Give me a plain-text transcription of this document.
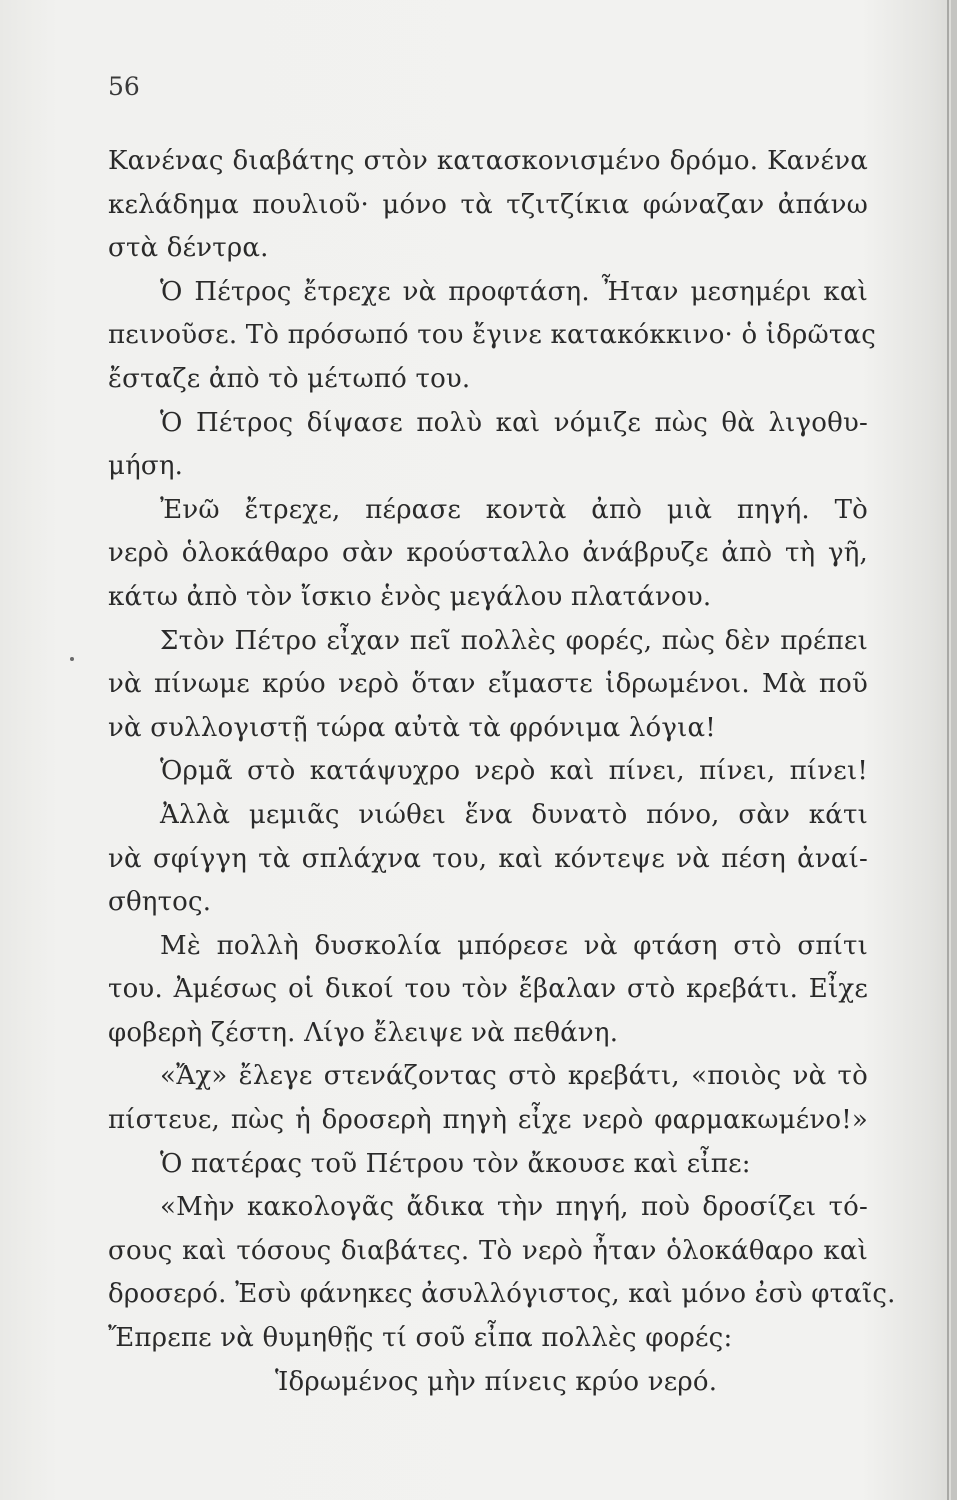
56
Κανένας διαβάτης στὸν κατασκονισμένο δρόμο. Κανένα
κελάδημα πουλιοῦ· μόνο τὰ τζιτζίκια φώναζαν ἀπάνω
στὰ δέντρα.
Ὁ Πέτρος ἔτρεχε νὰ προφτάση. Ἦταν μεσημέρι καὶ
πεινοῦσε. Τὸ πρόσωπό του ἔγινε κατακόκκινο· ὁ ἱδρῶτας
ἔσταζε ἀπὸ τὸ μέτωπό του.
Ὁ Πέτρος δίψασε πολὺ καὶ νόμιζε πὼς θὰ λιγοθυ-
μήση.
Ἐνῶ ἔτρεχε, πέρασε κοντὰ ἀπὸ μιὰ πηγή. Τὸ
νερὸ ὁλοκάθαρο σὰν κρούσταλλο ἀνάβρυζε ἀπὸ τὴ γῆ,
κάτω ἀπὸ τὸν ἴσκιο ἑνὸς μεγάλου πλατάνου.
Στὸν Πέτρο εἶχαν πεῖ πολλὲς φορές, πὼς δὲν πρέπει
νὰ πίνωμε κρύο νερὸ ὅταν εἴμαστε ἱδρωμένοι. Μὰ ποῦ
νὰ συλλογιστῇ τώρα αὐτὰ τὰ φρόνιμα λόγια!
Ὁρμᾶ στὸ κατάψυχρο νερὸ καὶ πίνει, πίνει, πίνει!
Ἀλλὰ μεμιᾶς νιώθει ἕνα δυνατὸ πόνο, σὰν κάτι
νὰ σφίγγη τὰ σπλάχνα του, καὶ κόντεψε νὰ πέση ἀναί-
σθητος.
Μὲ πολλὴ δυσκολία μπόρεσε νὰ φτάση στὸ σπίτι
του. Ἀμέσως οἱ δικοί του τὸν ἔβαλαν στὸ κρεβάτι. Εἶχε
φοβερὴ ζέστη. Λίγο ἔλειψε νὰ πεθάνη.
«Ἄχ» ἔλεγε στενάζοντας στὸ κρεβάτι, «ποιὸς νὰ τὸ
πίστευε, πὼς ἡ δροσερὴ πηγὴ εἶχε νερὸ φαρμακωμένο!»
Ὁ πατέρας τοῦ Πέτρου τὸν ἄκουσε καὶ εἶπε:
«Μὴν κακολογᾶς ἄδικα τὴν πηγή, ποὺ δροσίζει τό-
σους καὶ τόσους διαβάτες. Τὸ νερὸ ἦταν ὁλοκάθαρο καὶ
δροσερό. Ἐσὺ φάνηκες ἀσυλλόγιστος, καὶ μόνο ἐσὺ φταῖς.
Ἔπρεπε νὰ θυμηθῇς τί σοῦ εἶπα πολλὲς φορές:
Ἱδρωμένος μὴν πίνεις κρύο νερό.
